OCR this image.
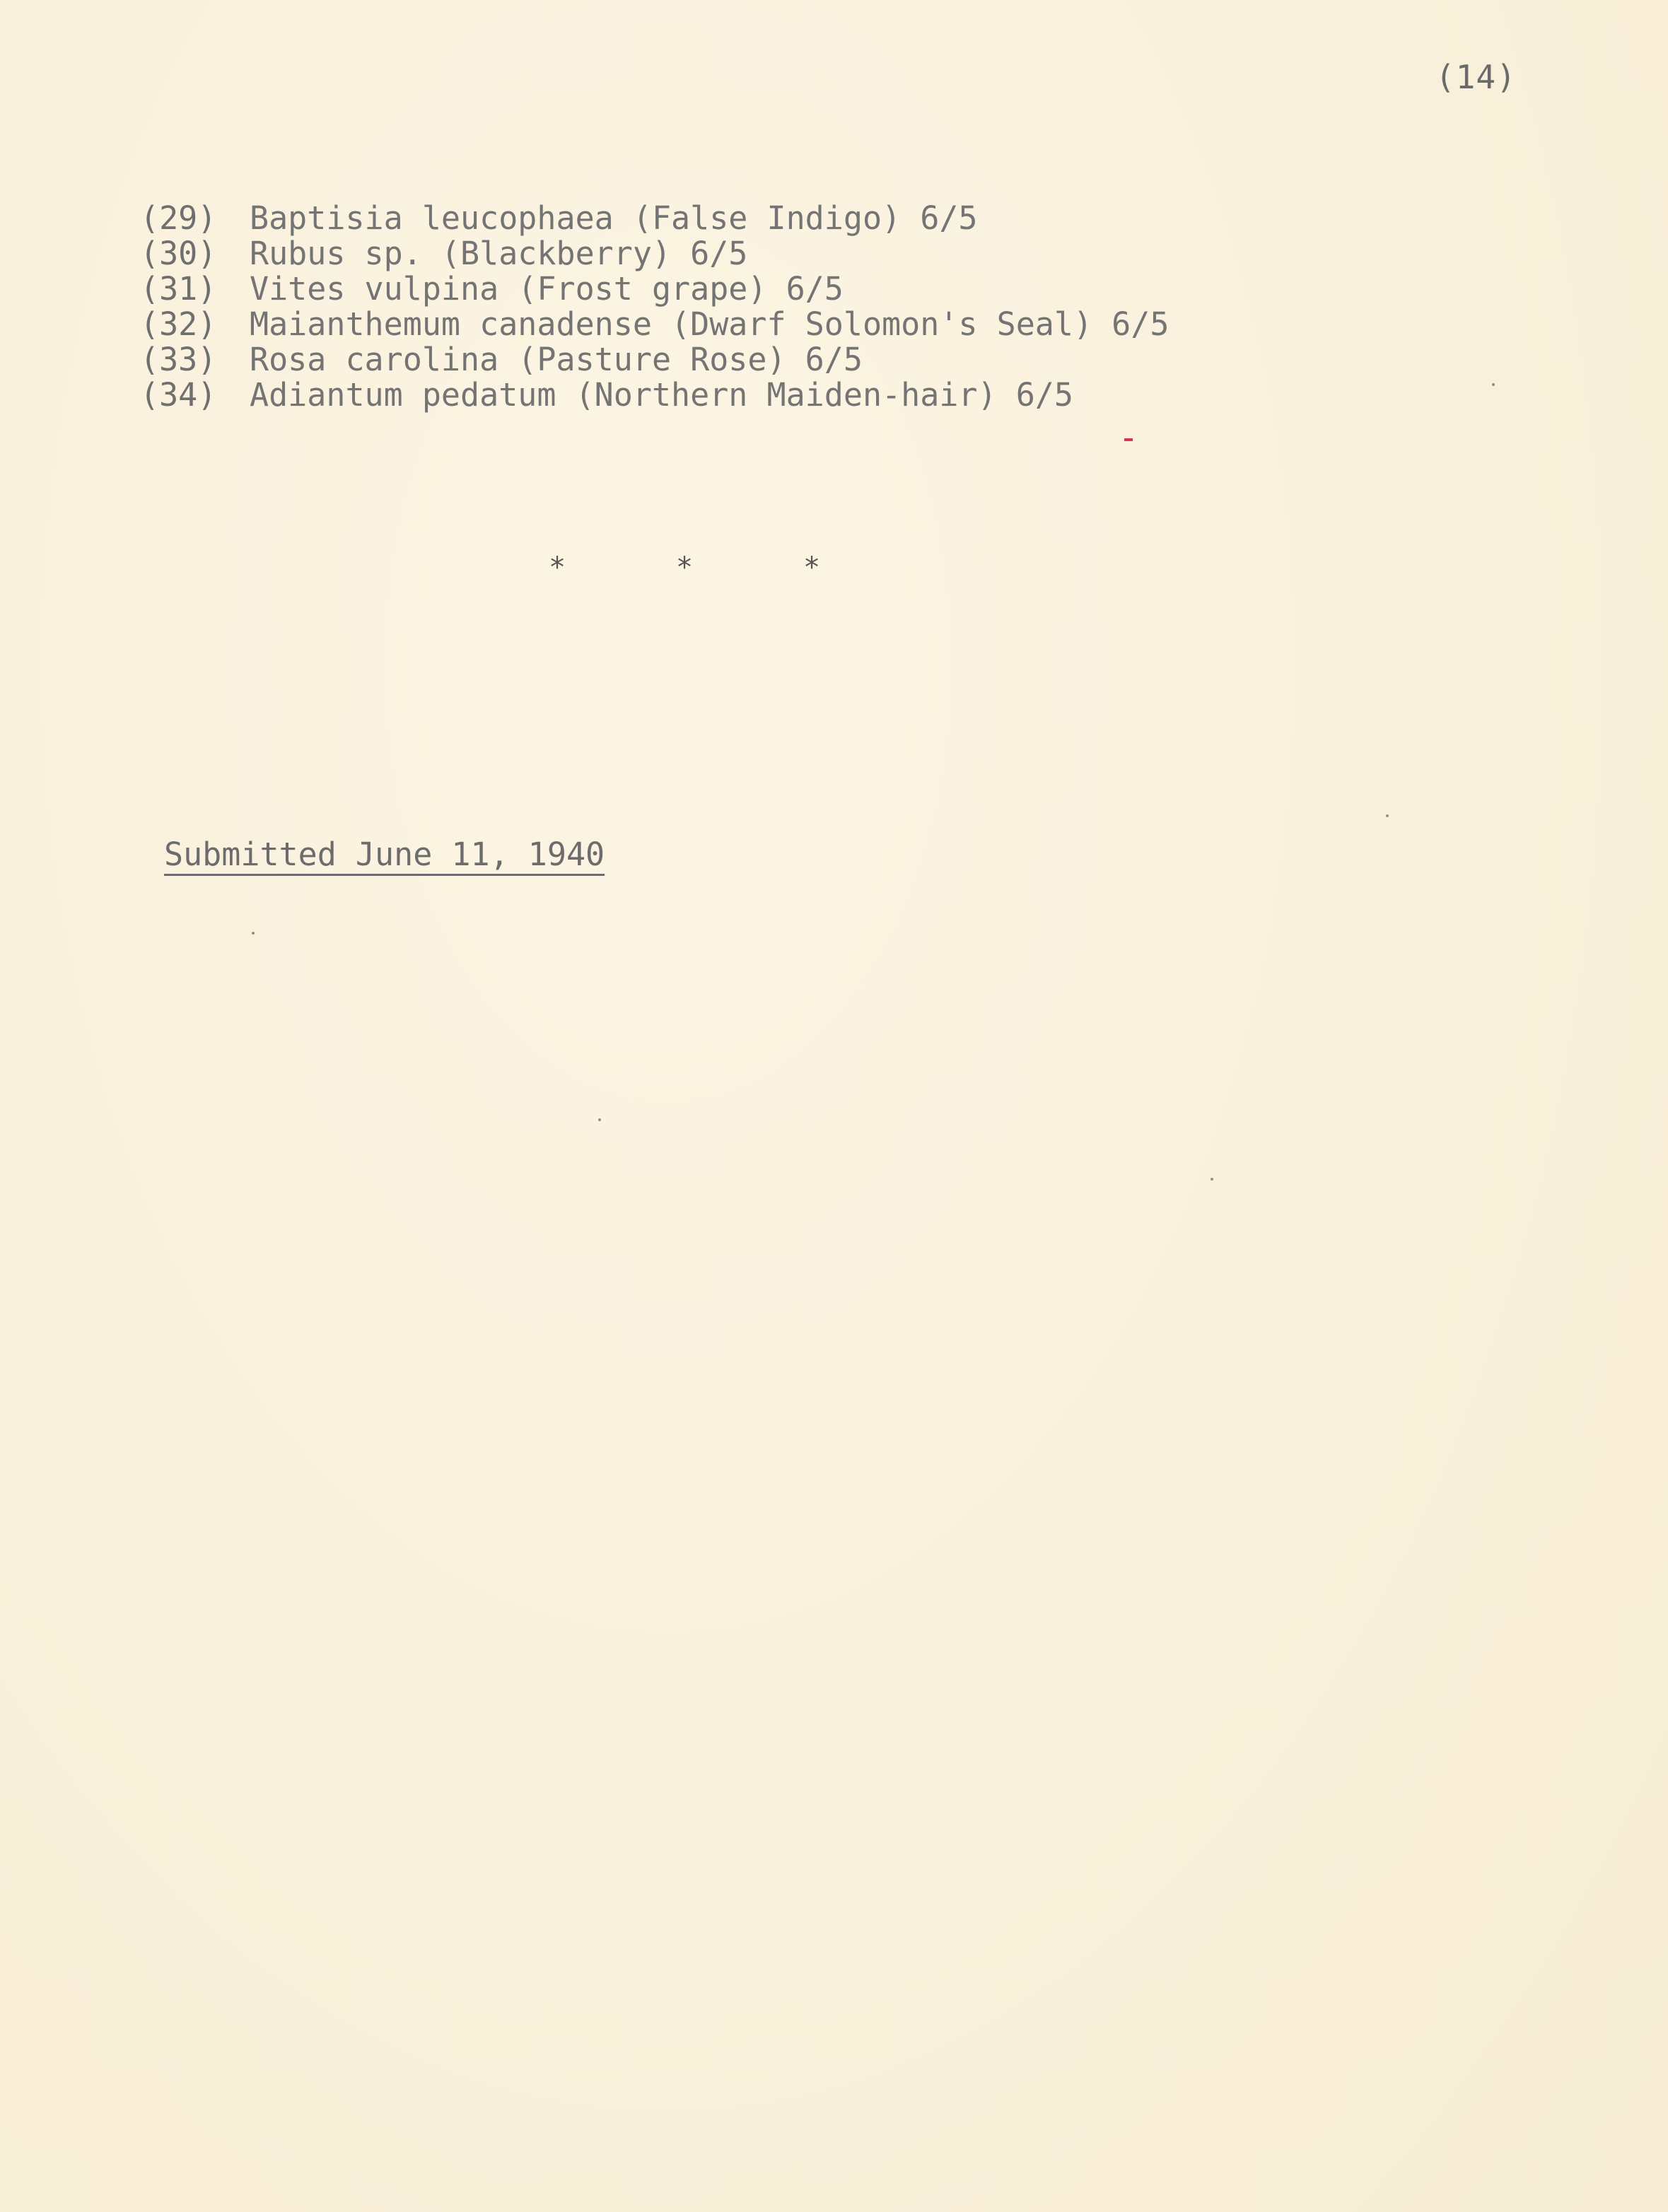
(14)
(29)	Baptisia leucophaea (False Indigo) 6/5
(30)	Rubus sp. (Blackberry) 6/5
(31)	Vites vulpina (Frost grape) 6/5
(32)	Maianthemum canadense (Dwarf Solomon's Seal) 6/5
(33)	Rosa carolina (Pasture Rose) 6/5
(34)	Adiantum pedatum (Northern Maiden-hair) 6/5
*	*	*
Submitted June 11, 1940
